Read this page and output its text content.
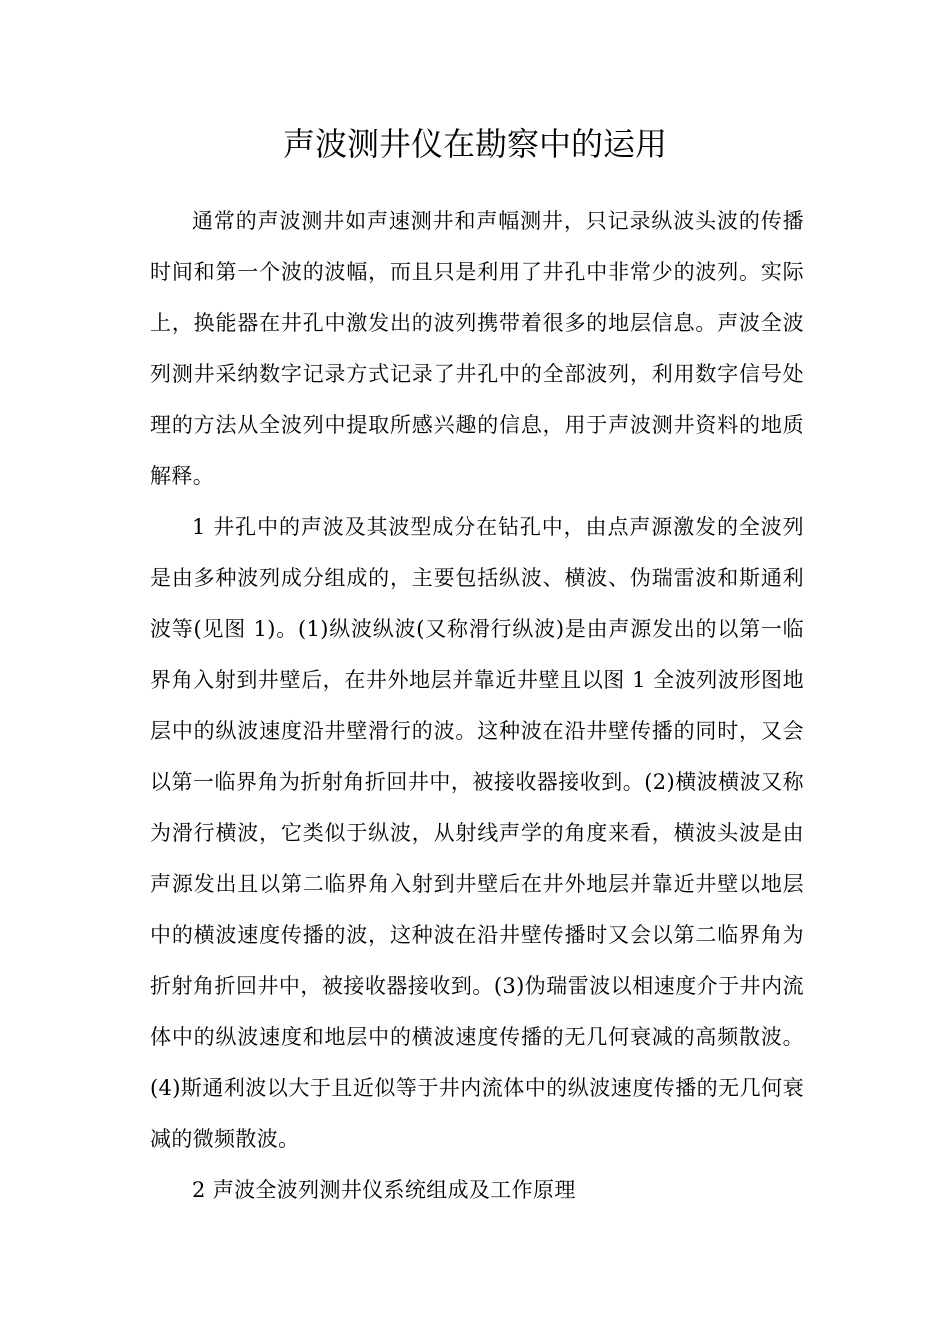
声波测井仪在勘察中的运用

通常的声波测井如声速测井和声幅测井，只记录纵波头波的传播时间和第一个波的波幅，而且只是利用了井孔中非常少的波列。实际上，换能器在井孔中激发出的波列携带着很多的地层信息。声波全波列测井采纳数字记录方式记录了井孔中的全部波列，利用数字信号处理的方法从全波列中提取所感兴趣的信息，用于声波测井资料的地质解释。

1 井孔中的声波及其波型成分在钻孔中，由点声源激发的全波列是由多种波列成分组成的，主要包括纵波、横波、伪瑞雷波和斯通利波等(见图 1)。(1)纵波纵波(又称滑行纵波)是由声源发出的以第一临界角入射到井壁后，在井外地层并靠近井壁且以图 1 全波列波形图地层中的纵波速度沿井壁滑行的波。这种波在沿井壁传播的同时，又会以第一临界角为折射角折回井中，被接收器接收到。(2)横波横波又称为滑行横波，它类似于纵波，从射线声学的角度来看，横波头波是由声源发出且以第二临界角入射到井壁后在井外地层并靠近井壁以地层中的横波速度传播的波，这种波在沿井壁传播时又会以第二临界角为折射角折回井中，被接收器接收到。(3)伪瑞雷波以相速度介于井内流体中的纵波速度和地层中的横波速度传播的无几何衰减的高频散波。(4)斯通利波以大于且近似等于井内流体中的纵波速度传播的无几何衰减的微频散波。

2 声波全波列测井仪系统组成及工作原理
